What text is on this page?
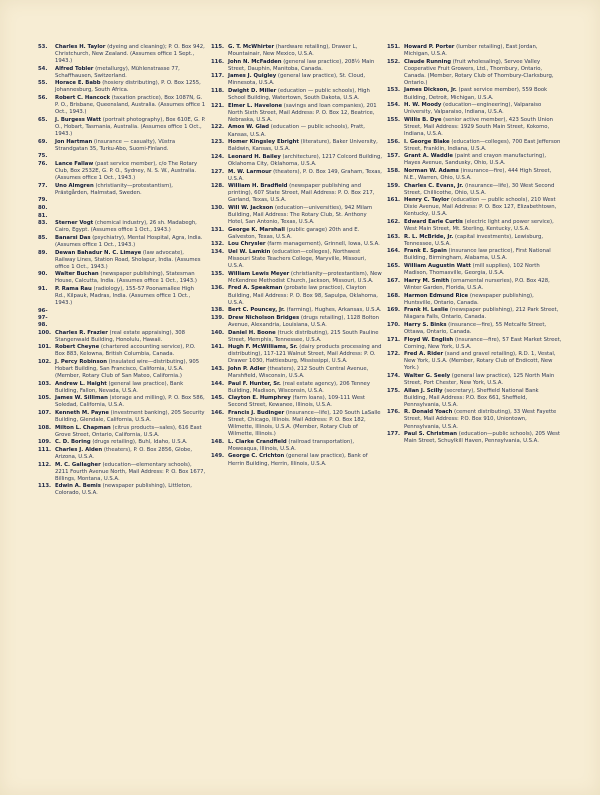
53.	Charles H. Taylor (dyeing and cleaning); P. O. Box 942, Christchurch, New Zealand. (Assumes office 1 Sept., 1943.)
54.	Alfred Tobler (metallurgy), Mühlenstrasse 77, Schaffhausen, Switzerland.
55.	Horace E. Babb (hosiery distributing), P. O. Box 1255, Johannesburg, South Africa.
56.	Robert C. Hancock (taxation practice), Box 1087N, G. P. O., Brisbane, Queensland, Australia. (Assumes office 1 Oct., 1943.)
65.	J. Burgess Watt (portrait photography), Box 610E, G. P. O., Hobart, Tasmania, Australia. (Assumes office 1 Oct., 1943.)
69.	Jon Hartman (insurance — casualty), Vüstra Strandgatan 35, Turku-Abo, Suomi-Finland.
75.
76.	Lance Fallaw (past service member), c/o The Rotary Club, Box 2532E, G. P. O., Sydney, N. S. W., Australia. (Assumes office 1 Oct., 1943.)
77.	Uno Almgren (christianity—protestantism), Prästgården, Halmstad, Sweden.
79.
80.
81.
83.	Sterner Vogt (chemical industry), 26 sh. Madabegh, Cairo, Egypt. (Assumes office 1 Oct., 1943.)
85.	Banarsi Das (psychiatry), Mental Hospital, Agra, India. (Assumes office 1 Oct., 1943.)
89.	Dewan Bahadur N. C. Limaye (law advocate), Railway Lines, Station Road, Sholapur, India. (Assumes office 1 Oct., 1943.)
90.	Walter Buchan (newspaper publishing), Statesman House, Calcutta, India. (Assumes office 1 Oct., 1943.)
91.	P. Rama Rau (radiology), 155-57 Poonamallee High Rd., Kilpauk, Madras, India. (Assumes office 1 Oct., 1943.)
96-97-98.
100. Charles R. Frazier (real estate appraising), 308 Stangenwald Building, Honolulu, Hawaii.
101. Robert Cheyne (chartered accounting service), P.O. Box 883, Kelowna, British Columbia, Canada.
102. J. Percy Robinson (insulated wire—distributing), 905 Hobart Building, San Francisco, California, U.S.A. (Member, Rotary Club of San Mateo, California.)
103. Andrew L. Haight (general law practice), Bank Building, Fallon, Nevada, U.S.A.
105. James W. Silliman (storage and milling), P. O. Box 586, Soledad, California, U.S.A.
107. Kenneth M. Payne (investment banking), 205 Security Building, Glendale, California, U.S.A.
108. Milton L. Chapman (citrus products—sales), 616 East Grove Street, Ontario, California, U.S.A.
109. C. D. Boring (drugs retailing), Buhl, Idaho, U.S.A.
111. Charles J. Alden (theaters), P. O. Box 2856, Globe, Arizona, U.S.A.
112. M. C. Gallagher (education—elementary schools), 2211 Fourth Avenue North, Mail Address: P. O. Box 1677, Billings, Montana, U.S.A.
113. Edwin A. Bemis (newspaper publishing), Littleton, Colorado, U.S.A.
115. G. T. McWhirter (hardware retailing), Drawer L, Mountainair, New Mexico, U.S.A.
116. John N. McFadden (general law practice), 208½ Main Street, Dauphin, Manitoba, Canada.
117. James J. Quigley (general law practice), St. Cloud, Minnesota, U.S.A.
118. Dwight D. Miller (education — public schools), High School Building, Watertown, South Dakota, U.S.A.
121. Elmer L. Havelone (savings and loan companies), 201 North Sixth Street, Mail Address: P. O. Box 12, Beatrice, Nebraska, U.S.A.
122. Amos W. Glad (education — public schools), Pratt, Kansas, U.S.A.
123. Homer Kingsley Ebright (literature), Baker University, Baldwin, Kansas, U.S.A.
124. Leonard H. Bailey (architecture), 1217 Colcord Building, Oklahoma City, Oklahoma, U.S.A.
127. M. W. Larmour (theaters), P. O. Box 149, Graham, Texas, U.S.A.
128. William H. Bradfield (newspaper publishing and printing), 607 State Street, Mail Address: P. O. Box 217, Garland, Texas, U.S.A.
130. Will W. Jackson (education—universities), 942 Milam Building, Mail Address: The Rotary Club, St. Anthony Hotel, San Antonio, Texas, U.S.A.
131. George K. Marshall (public garage) 20th and E. Galveston, Texas, U.S.A.
132. Lou Chrysler (farm management), Grinnell, Iowa, U.S.A.
134. Uel W. Lamkin (education—colleges), Northwest Missouri State Teachers College, Maryville, Missouri, U.S.A.
135. William Lewis Meyer (christianity—protestantism), New McKendree Methodist Church, Jackson, Missouri, U.S.A.
136. Fred A. Speakman (probate law practice), Clayton Building, Mail Address: P. O. Box 98, Sapulpa, Oklahoma, U.S.A.
138. Bert C. Pouncey, Jr. (farming), Hughes, Arkansas, U.S.A.
139. Drew Nicholson Bridges (drugs retailing), 1128 Bolton Avenue, Alexandria, Louisiana, U.S.A.
140. Daniel H. Boone (truck distributing), 215 South Pauline Street, Memphis, Tennessee, U.S.A.
141. Hugh F. McWilliams, Sr. (dairy products processing and distributing), 117-121 Walnut Street, Mail Address: P. O. Drawer 1030, Hattiesburg, Mississippi, U.S.A.
143. John P. Adler (theaters), 212 South Central Avenue, Marshfield, Wisconsin, U.S.A.
144. Paul F. Hunter, Sr. (real estate agency), 206 Tenney Building, Madison, Wisconsin, U.S.A.
145. Clayton E. Humphrey (farm loans), 109-111 West Second Street, Kewanee, Illinois, U.S.A.
146. Francis J. Budinger (insurance—life), 120 South LaSalle Street, Chicago, Illinois. Mail Address: P. O. Box 182, Wilmette, Illinois, U.S.A. (Member, Rotary Club of Wilmette, Illinois.)
148. L. Clarke Crandfield (railroad transportation), Moweaqua, Illinois, U.S.A.
149. George C. Crichton (general law practice), Bank of Herrin Building, Herrin, Illinois, U.S.A.
151. Howard P. Porter (lumber retailing), East Jordan, Michigan, U.S.A.
152. Claude Running (fruit wholesaling), Servee Valley Cooperative Fruit Growers, Ltd., Thornbury, Ontario, Canada. (Member, Rotary Club of Thornbury-Clarksburg, Ontario.)
153. James Dickson, Jr. (past service member), 559 Book Building, Detroit, Michigan, U.S.A.
154. H. W. Moody (education—engineering), Valparaiso University, Valparaiso, Indiana, U.S.A.
155. Willis B. Dye (senior active member), 423 South Union Street, Mail Address: 1929 South Main Street, Kokomo, Indiana, U.S.A.
156. I. George Blake (education—colleges), 700 East Jefferson Street, Franklin, Indiana, U.S.A.
157. Grant A. Waddle (paint and crayon manufacturing), Hayes Avenue, Sandusky, Ohio, U.S.A.
158. Norman W. Adams (insurance—fire), 444 High Street, N.E., Warren, Ohio, U.S.A.
159. Charles C. Evans, Jr. (insurance—life), 30 West Second Street, Chillicothe, Ohio, U.S.A.
161. Henry C. Taylor (education — public schools), 210 West Dixie Avenue, Mail Address: P. O. Box 127, Elizabethtown, Kentucky, U.S.A.
162. Edward Earle Curtis (electric light and power service), West Main Street, Mt. Sterling, Kentucky, U.S.A.
163. R. L. McBride, Jr. (capital investments), Lewisburg, Tennessee, U.S.A.
164. Frank E. Spain (insurance law practice), First National Building, Birmingham, Alabama, U.S.A.
165. William Augustin Watt (mill supplies), 102 North Madison, Thomasville, Georgia, U.S.A.
167. Harry M. Smith (ornamental nurseries), P.O. Box 428, Winter Garden, Florida, U.S.A.
168. Harmon Edmund Rice (newspaper publishing), Huntsville, Ontario, Canada.
169. Frank H. Leslie (newspaper publishing), 212 Park Street, Niagara Falls, Ontario, Canada.
170. Harry S. Binks (insurance—fire), 55 Metcalfe Street, Ottawa, Ontario, Canada.
171. Floyd W. English (insurance—fire), 57 East Market Street, Corning, New York, U.S.A.
172. Fred A. Rider (sand and gravel retailing), R.D. 1, Vestal, New York, U.S.A. (Member, Rotary Club of Endicott, New York.)
174. Walter G. Seely (general law practice), 125 North Main Street, Port Chester, New York, U.S.A.
175. Allan J. Scilly (secretary), Sheffield National Bank Building, Mail Address: P.O. Box 661, Sheffield, Pennsylvania, U.S.A.
176. R. Donald Yoach (cement distributing), 33 West Fayette Street, Mail Address: P.O. Box 910, Uniontown, Pennsylvania, U.S.A.
177. Paul S. Christman (education—public schools), 205 West Main Street, Schuylkill Haven, Pennsylvania, U.S.A.
